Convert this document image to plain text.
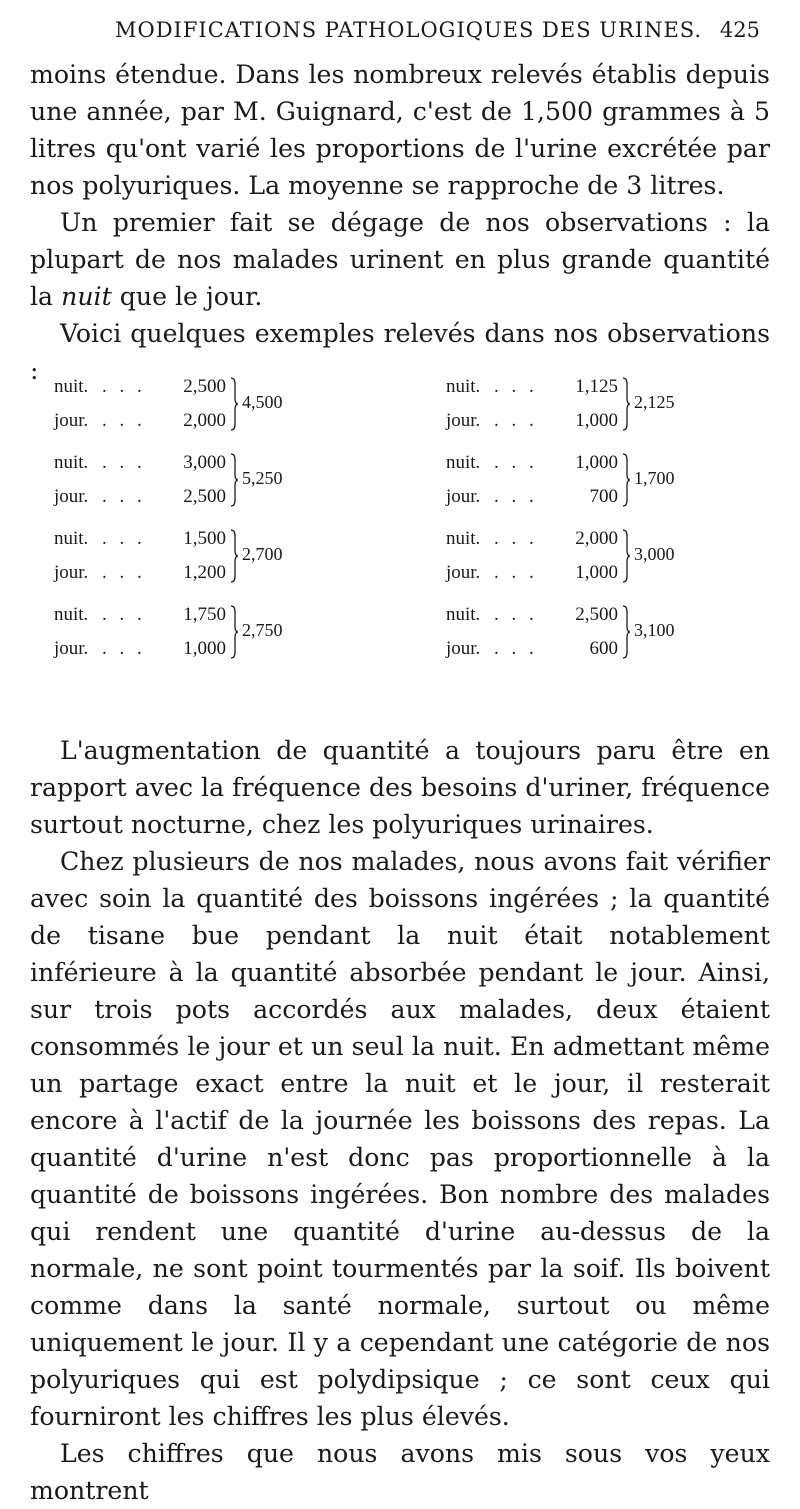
MODIFICATIONS PATHOLOGIQUES DES URINES. 425

moins étendue. Dans les nombreux relevés établis depuis une année, par M. Guignard, c'est de 1,500 grammes à 5 litres qu'ont varié les proportions de l'urine excrétée par nos polyuriques. La moyenne se rapproche de 3 litres.

Un premier fait se dégage de nos observations : la plupart de nos malades urinent en plus grande quantité la nuit que le jour.

Voici quelques exemples relevés dans nos observations :

nuit. . . .	2,500
jour. . . .	2,000
4,500
nuit. . . .	3,000
jour. . . .	2,500
5,250
nuit. . . .	1,500
jour. . . .	1,200
2,700
nuit. . . .	1,750
jour. . . .	1,000
2,750
nuit. . . .	1,125
jour. . . .	1,000
2,125
nuit. . . .	1,000
jour. . . .	700
1,700
nuit. . . .	2,000
jour. . . .	1,000
3,000
nuit. . . .	2,500
jour. . . .	600
3,100

L'augmentation de quantité a toujours paru être en rapport avec la fréquence des besoins d'uriner, fréquence surtout nocturne, chez les polyuriques urinaires.

Chez plusieurs de nos malades, nous avons fait vérifier avec soin la quantité des boissons ingérées ; la quantité de tisane bue pendant la nuit était notablement inférieure à la quantité absorbée pendant le jour. Ainsi, sur trois pots accordés aux malades, deux étaient consommés le jour et un seul la nuit. En admettant même un partage exact entre la nuit et le jour, il resterait encore à l'actif de la journée les boissons des repas. La quantité d'urine n'est donc pas proportionnelle à la quantité de boissons ingérées. Bon nombre des malades qui rendent une quantité d'urine au-dessus de la normale, ne sont point tourmentés par la soif. Ils boivent comme dans la santé normale, surtout ou même uniquement le jour. Il y a cependant une catégorie de nos polyuriques qui est polydipsique ; ce sont ceux qui fourniront les chiffres les plus élevés.

Les chiffres que nous avons mis sous vos yeux montrent
